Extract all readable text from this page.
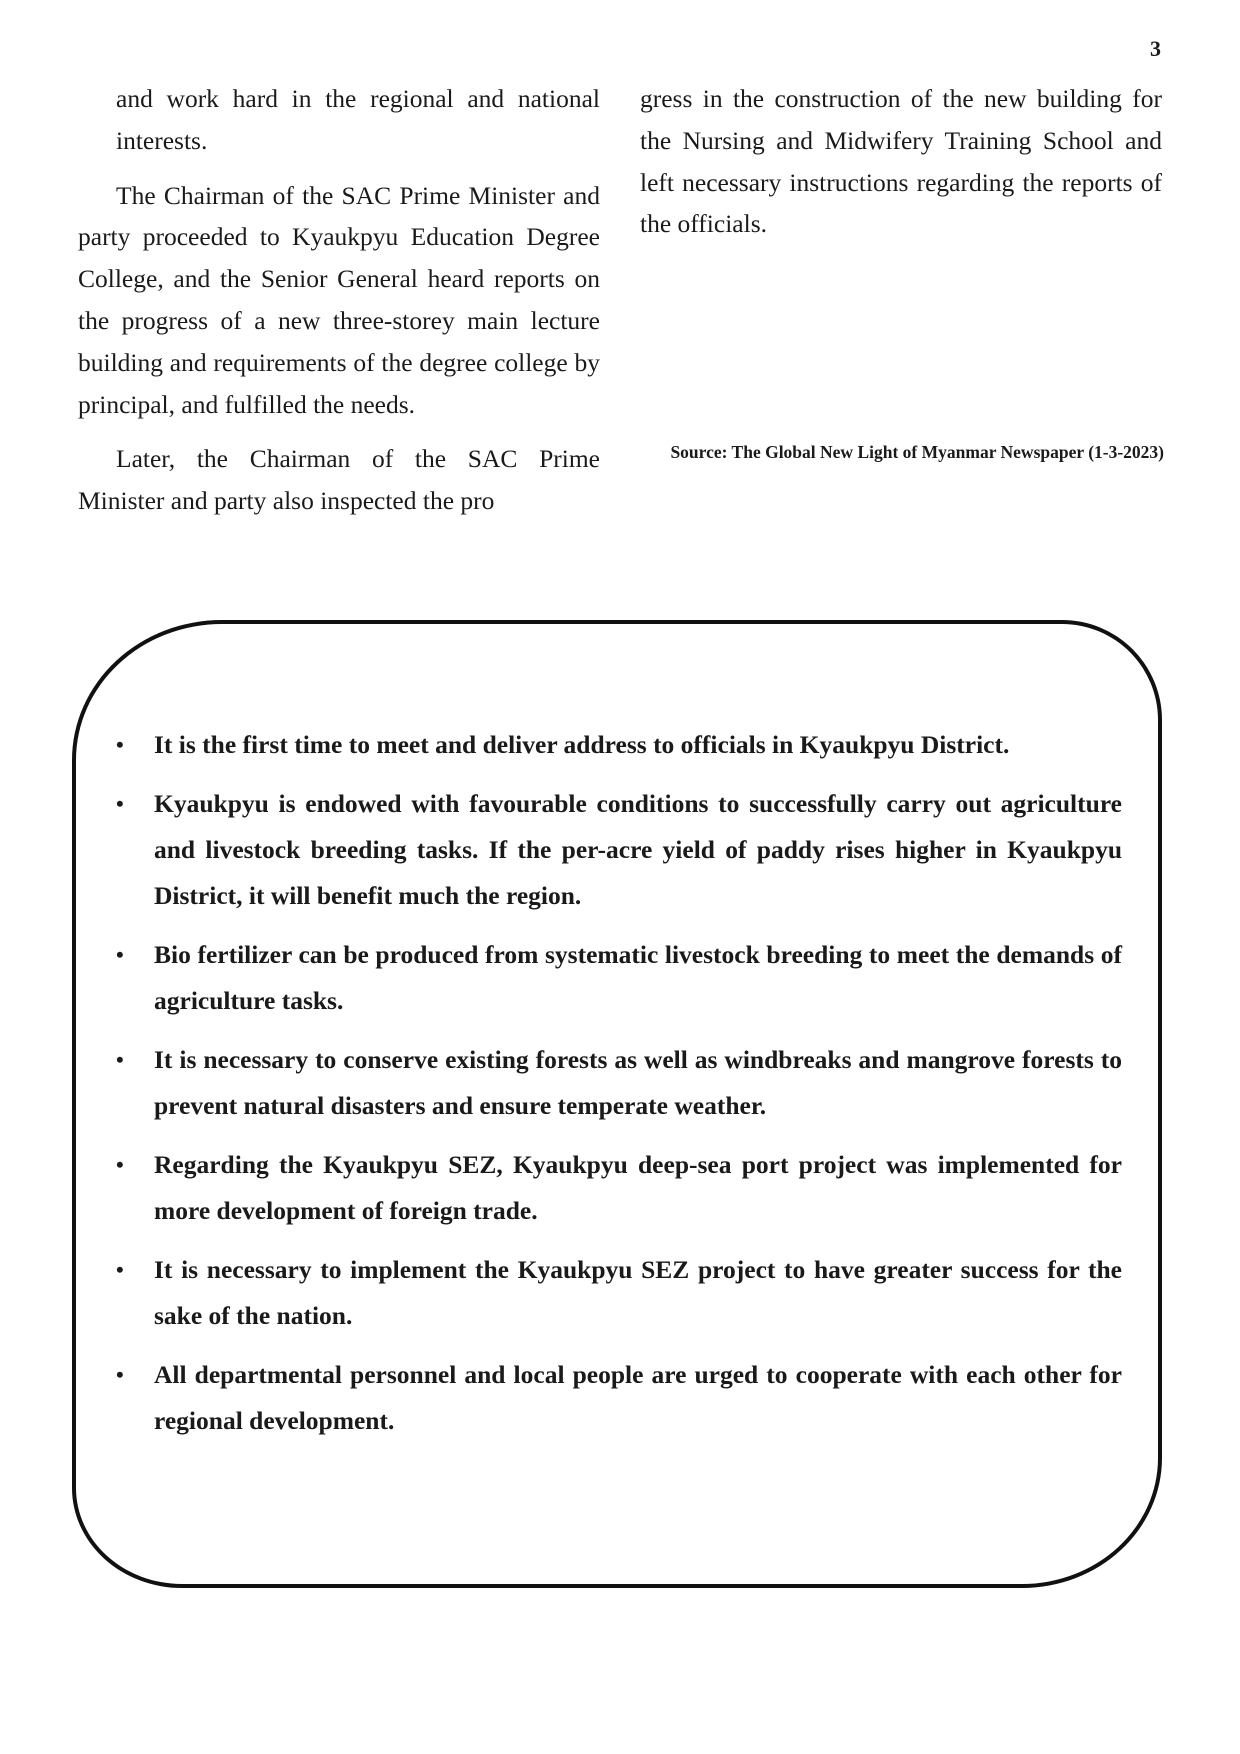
3

and work hard in the regional and national interests.

The Chairman of the SAC Prime Minister and party proceeded to Kyaukpyu Education Degree College, and the Senior General heard reports on the progress of a new three-storey main lecture building and requirements of the degree college by principal, and fulfilled the needs.

Later, the Chairman of the SAC Prime Minister and party also inspected the pro

gress in the construction of the new building for the Nursing and Midwifery Training School and left necessary instructions regarding the reports of the officials.

Source: The Global New Light of Myanmar Newspaper (1-3-2023)
• It is the first time to meet and deliver address to officials in Kyaukpyu District.
• Kyaukpyu is endowed with favourable conditions to successfully carry out agriculture and livestock breeding tasks. If the per-acre yield of paddy rises higher in Kyaukpyu District, it will benefit much the region.
• Bio fertilizer can be produced from systematic livestock breeding to meet the demands of agriculture tasks.
• It is necessary to conserve existing forests as well as windbreaks and mangrove forests to prevent natural disasters and ensure temperate weather.
• Regarding the Kyaukpyu SEZ, Kyaukpyu deep-sea port project was implemented for more development of foreign trade.
• It is necessary to implement the Kyaukpyu SEZ project to have greater success for the sake of the nation.
• All departmental personnel and local people are urged to cooperate with each other for regional development.
